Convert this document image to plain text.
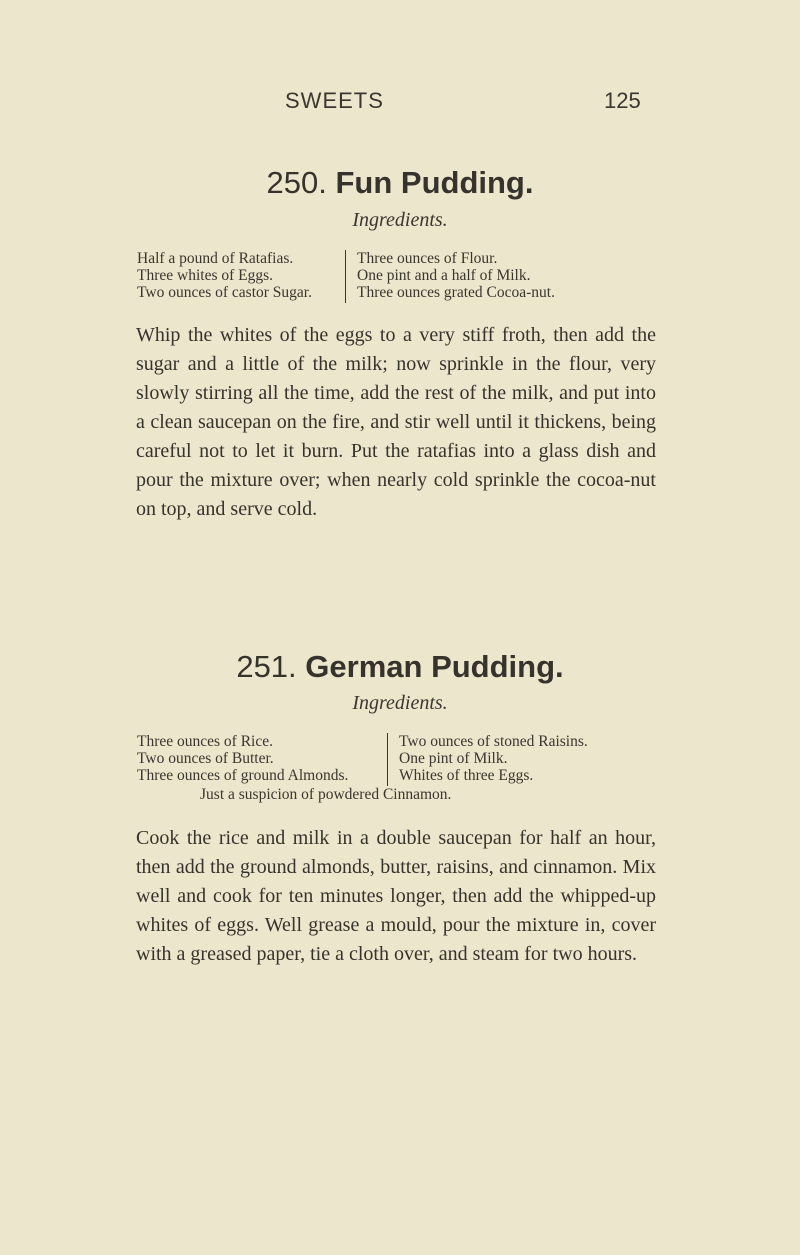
SWEETS	125
250. Fun Pudding.
Ingredients.
Half a pound of Ratafias.
Three whites of Eggs.
Two ounces of castor Sugar.
Three ounces of Flour.
One pint and a half of Milk.
Three ounces grated Cocoa-nut.
Whip the whites of the eggs to a very stiff froth, then add the sugar and a little of the milk; now sprinkle in the flour, very slowly stirring all the time, add the rest of the milk, and put into a clean saucepan on the fire, and stir well until it thickens, being careful not to let it burn. Put the ratafias into a glass dish and pour the mixture over; when nearly cold sprinkle the cocoa-nut on top, and serve cold.
251. German Pudding.
Ingredients.
Three ounces of Rice.
Two ounces of Butter.
Three ounces of ground Almonds.
Two ounces of stoned Raisins.
One pint of Milk.
Whites of three Eggs.
Just a suspicion of powdered Cinnamon.
Cook the rice and milk in a double saucepan for half an hour, then add the ground almonds, butter, raisins, and cinnamon. Mix well and cook for ten minutes longer, then add the whipped-up whites of eggs. Well grease a mould, pour the mixture in, cover with a greased paper, tie a cloth over, and steam for two hours.
